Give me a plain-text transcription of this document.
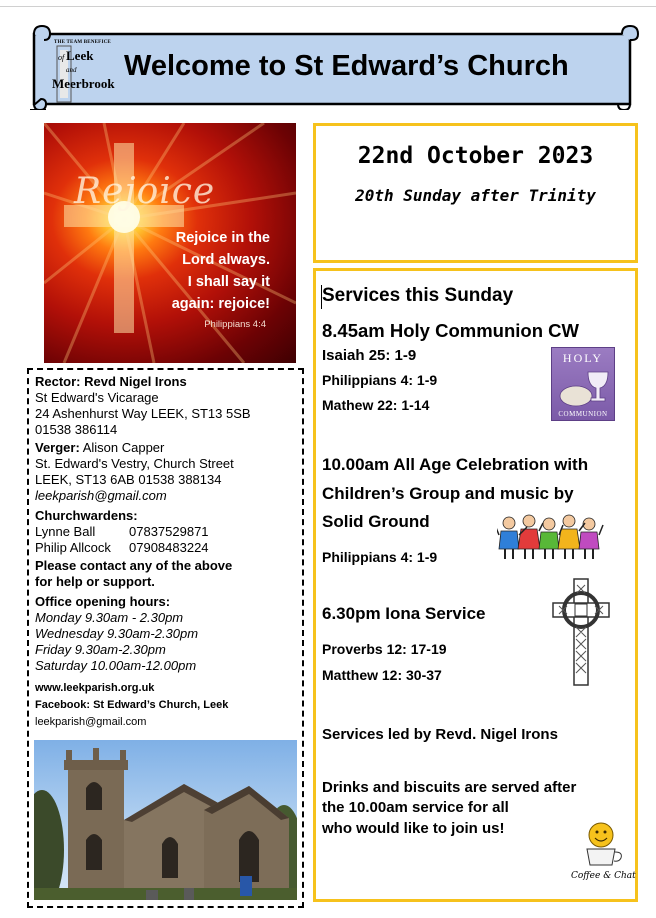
THE TEAM BENEFICE
of Leek
and
Meerbrook
Welcome to St Edward’s Church
Rejoice
Rejoice in the
Lord always.
I shall say it
again: rejoice!
Philippians 4:4
Rector: Revd Nigel Irons
St Edward's Vicarage
24 Ashenhurst Way LEEK, ST13 5SB
01538 386114
Verger: Alison Capper
St. Edward's Vestry, Church Street
LEEK, ST13 6AB 01538 388134
leekparish@gmail.com
Churchwardens:
Lynne Ball	07837529871
Philip Allcock 07908483224
Please contact any of the above
for help or support.
Office opening hours:
Monday 9.30am - 2.30pm
Wednesday 9.30am-2.30pm
Friday 9.30am-2.30pm
Saturday 10.00am-12.00pm
www.leekparish.org.uk
Facebook: St Edward’s Church, Leek
leekparish@gmail.com
22nd October 2023
20th Sunday after Trinity
Services this Sunday
8.45am Holy Communion CW
Isaiah 25: 1-9
Philippians 4: 1-9
Mathew 22: 1-14
HOLY
COMMUNION
10.00am All Age Celebration with
Children’s Group and music by
Solid Ground
Philippians 4: 1-9
6.30pm Iona Service
Proverbs 12: 17-19
Matthew 12: 30-37
Services led by Revd. Nigel Irons
Drinks and biscuits are served after
the 10.00am service for all
who would like to join us!
Coffee & Chat
